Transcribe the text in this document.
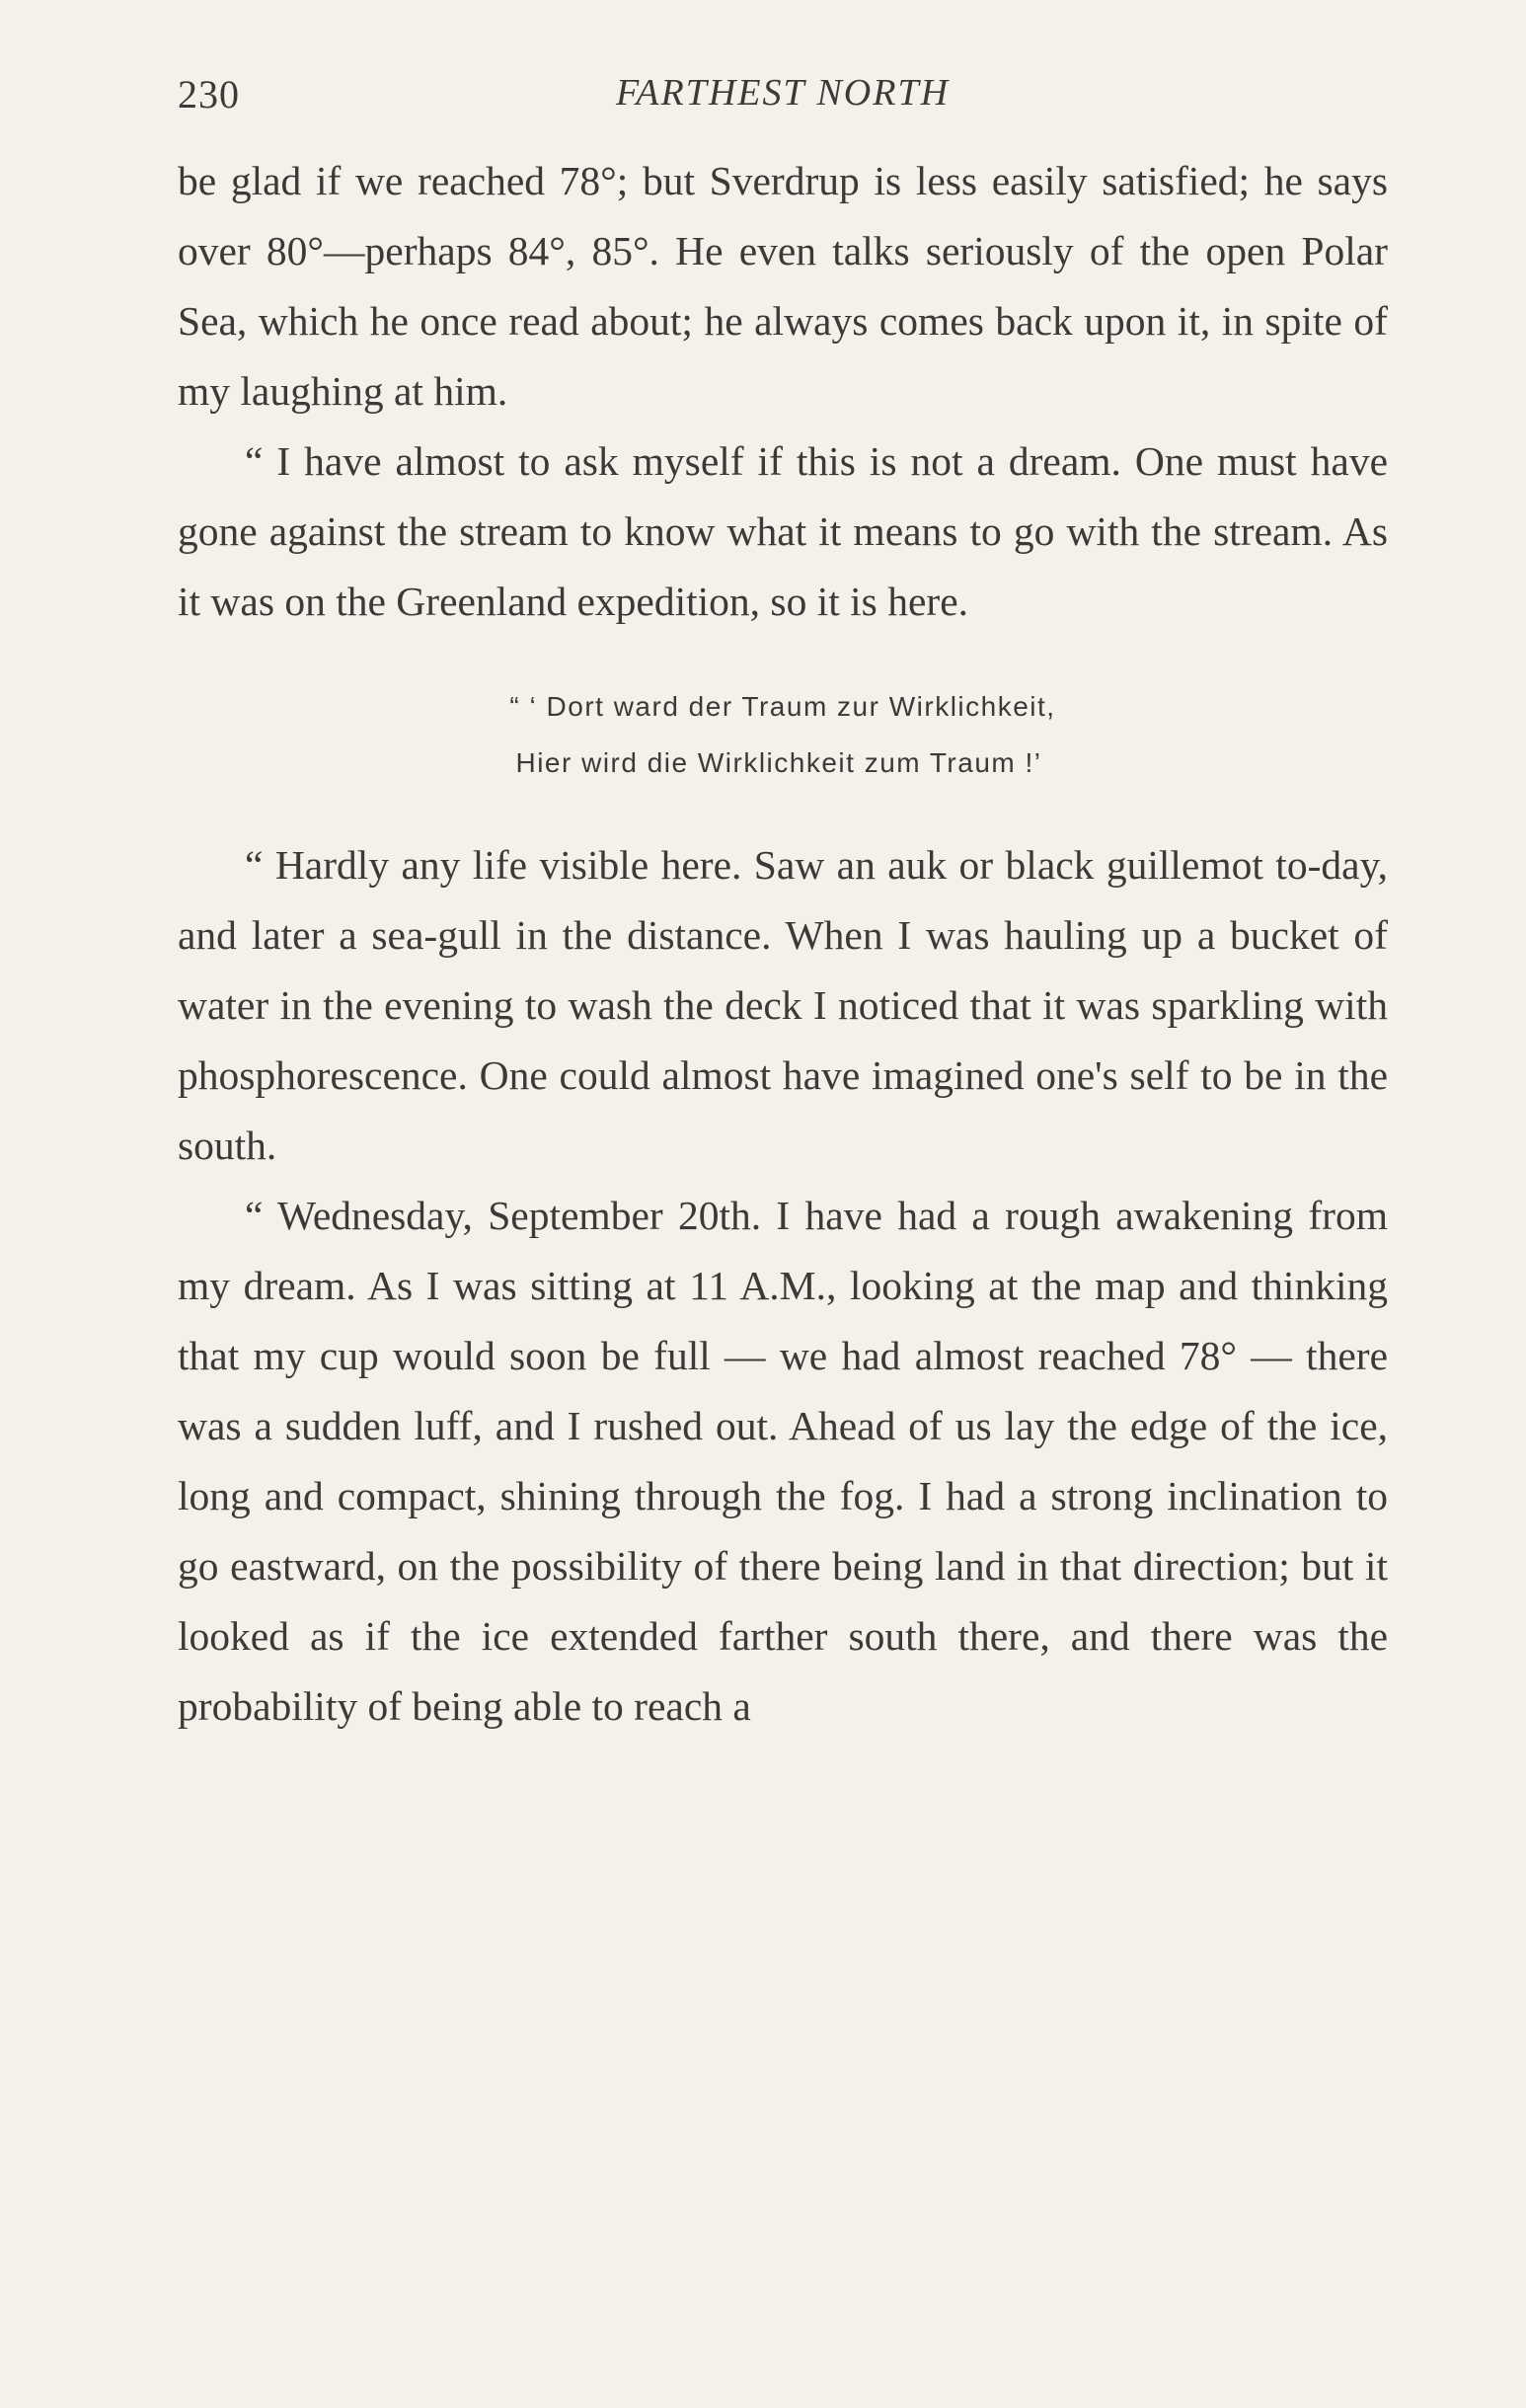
230	FARTHEST NORTH

be glad if we reached 78°; but Sverdrup is less easily satisfied; he says over 80°—perhaps 84°, 85°. He even talks seriously of the open Polar Sea, which he once read about; he always comes back upon it, in spite of my laughing at him.

“ I have almost to ask myself if this is not a dream. One must have gone against the stream to know what it means to go with the stream. As it was on the Greenland expedition, so it is here.

“ ‘ Dort ward der Traum zur Wirklichkeit,
Hier wird die Wirklichkeit zum Traum !’

“ Hardly any life visible here. Saw an auk or black guillemot to-day, and later a sea-gull in the distance. When I was hauling up a bucket of water in the evening to wash the deck I noticed that it was sparkling with phosphorescence. One could almost have imagined one's self to be in the south.

“ Wednesday, September 20th. I have had a rough awakening from my dream. As I was sitting at 11 A.M., looking at the map and thinking that my cup would soon be full — we had almost reached 78° — there was a sudden luff, and I rushed out. Ahead of us lay the edge of the ice, long and compact, shining through the fog. I had a strong inclination to go eastward, on the possibility of there being land in that direction; but it looked as if the ice extended farther south there, and there was the probability of being able to reach a
